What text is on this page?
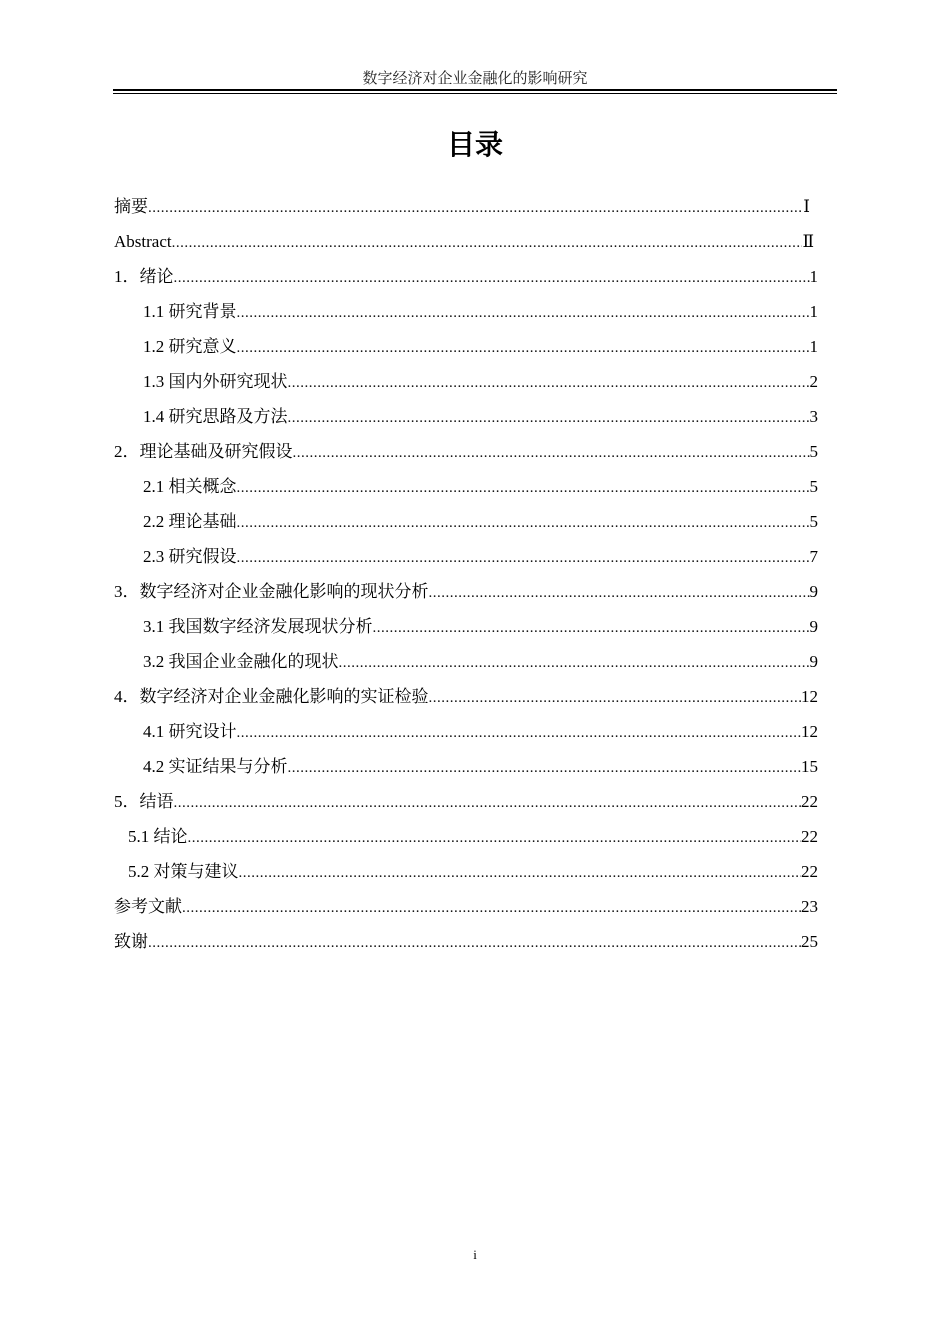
数字经济对企业金融化的影响研究
目录
摘要 .....	Ⅰ
Abstract .....	Ⅱ
1．绪论 .....	1
1.1 研究背景 .....	1
1.2 研究意义 .....	1
1.3 国内外研究现状 .....	2
1.4 研究思路及方法 .....	3
2．理论基础及研究假设 .....	5
2.1 相关概念 .....	5
2.2 理论基础 .....	5
2.3 研究假设 .....	7
3．数字经济对企业金融化影响的现状分析 .....	9
3.1 我国数字经济发展现状分析 .....	9
3.2 我国企业金融化的现状 .....	9
4．数字经济对企业金融化影响的实证检验 .....	12
4.1 研究设计 .....	12
4.2 实证结果与分析 .....	15
5．结语 .....	22
5.1 结论 .....	22
5.2 对策与建议 .....	22
参考文献 .....	23
致谢 .....	25
i
